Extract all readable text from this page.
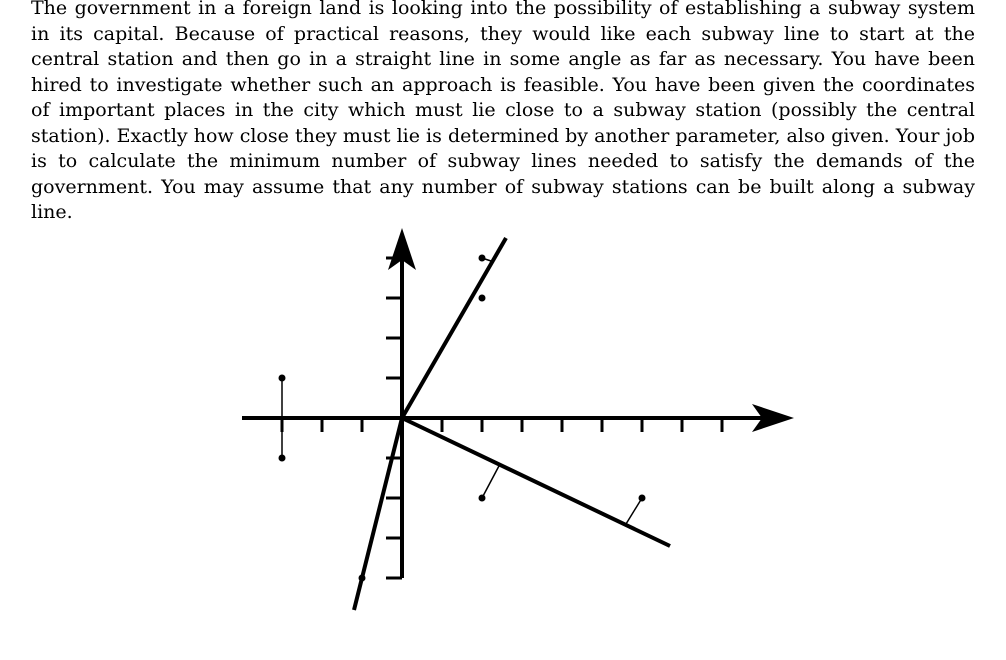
The government in a foreign land is looking into the possibility of establishing a subway system in its capital. Because of practical reasons, they would like each subway line to start at the central station and then go in a straight line in some angle as far as necessary. You have been hired to investigate whether such an approach is feasible. You have been given the coordinates of important places in the city which must lie close to a subway station (possibly the central station). Exactly how close they must lie is determined by another parameter, also given. Your job is to calculate the minimum number of subway lines needed to satisfy the demands of the government. You may assume that any number of subway stations can be built along a subway line.
